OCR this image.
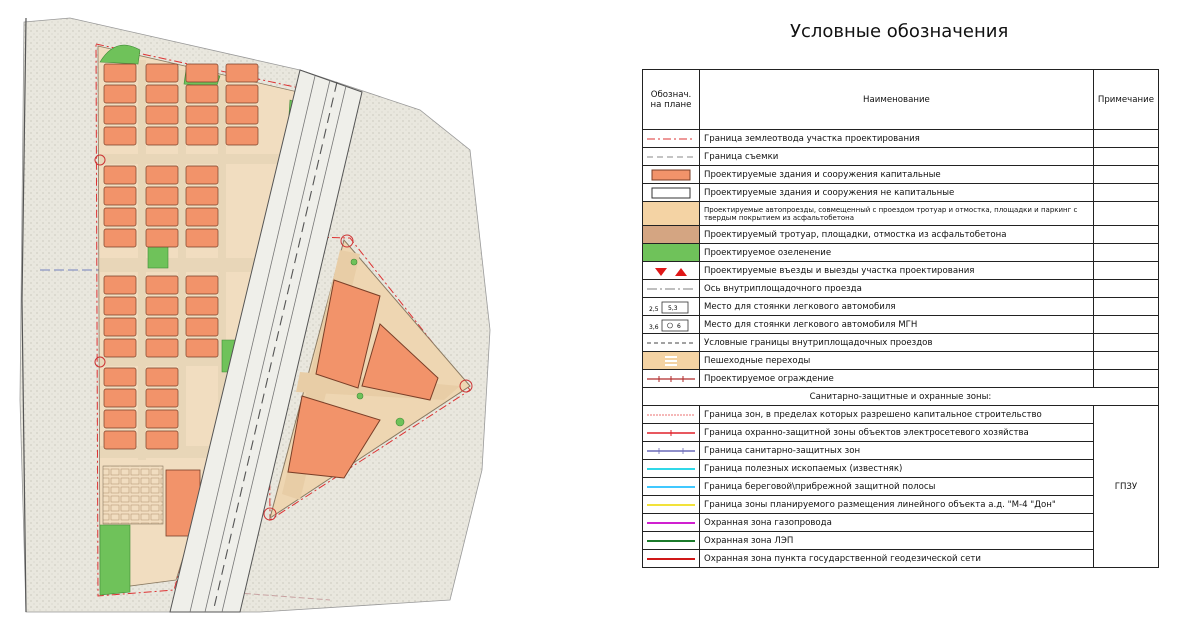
Условные обозначения
Обознач. на плане	Наименование	Примечание

	Граница землеотвода участка проектирования	

	Граница съемки	

	Проектируемые здания и сооружения капитальные	

	Проектируемые здания и сооружения не капитальные	
	Проектируемые автопроезды, совмещенный с проездом тротуар и отмостка, площадки и паркинг с твердым покрытием из асфальтобетона	
	Проектируемый тротуар, площадки, отмостка из асфальтобетона	
	Проектируемое озеленение	

	Проектируемые въезды и выезды участка проектирования	

	Ось внутриплощадочного проезда	

2,5 5,3	Место для стоянки легкового автомобиля	

3,6 6	Место для стоянки легкового автомобиля МГН	

	Условные границы внутриплощадочных проездов	

	Пешеходные переходы	

	Проектируемое ограждение	
Санитарно-защитные и охранные зоны:		

	Граница зон, в пределах которых разрешено капитальное строительство	ГПЗУ

	Граница охранно-защитной зоны объектов электросетевого хозяйства	

	Граница санитарно-защитных зон	

	Граница полезных ископаемых (известняк)	

	Граница береговой\прибрежной защитной полосы	

	Граница зоны планируемого размещения линейного объекта а.д. "М-4 "Дон"	

	Охранная зона газопровода	

	Охранная зона ЛЭП	

	Охранная зона пункта государственной геодезической сети	
